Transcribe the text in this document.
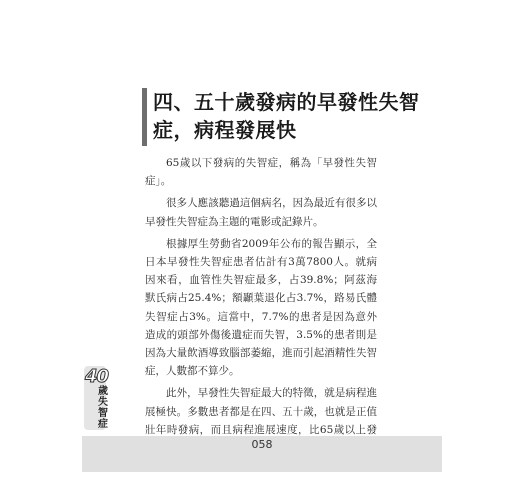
四、五十歲發病的早發性失智
症，病程發展快

65歲以下發病的失智症，稱為「早發性失智症」。

很多人應該聽過這個病名，因為最近有很多以早發性失智症為主題的電影或記錄片。

根據厚生勞動省2009年公布的報告顯示，全日本早發性失智症患者估計有3萬7800人。就病因來看，血管性失智症最多，占39.8%；阿茲海默氏病占25.4%；額顳葉退化占3.7%，路易氏體失智症占3%。這當中，7.7%的患者是因為意外造成的頭部外傷後遺症而失智，3.5%的患者則是因為大量飲酒導致腦部萎縮，進而引起酒精性失智症，人數都不算少。

此外，早發性失智症最大的特徵，就是病程進展極快。多數患者都是在四、五十歲，也就是正值壯年時發病，而且病程進展速度，比65歲以上發

40
歲失智症
058
